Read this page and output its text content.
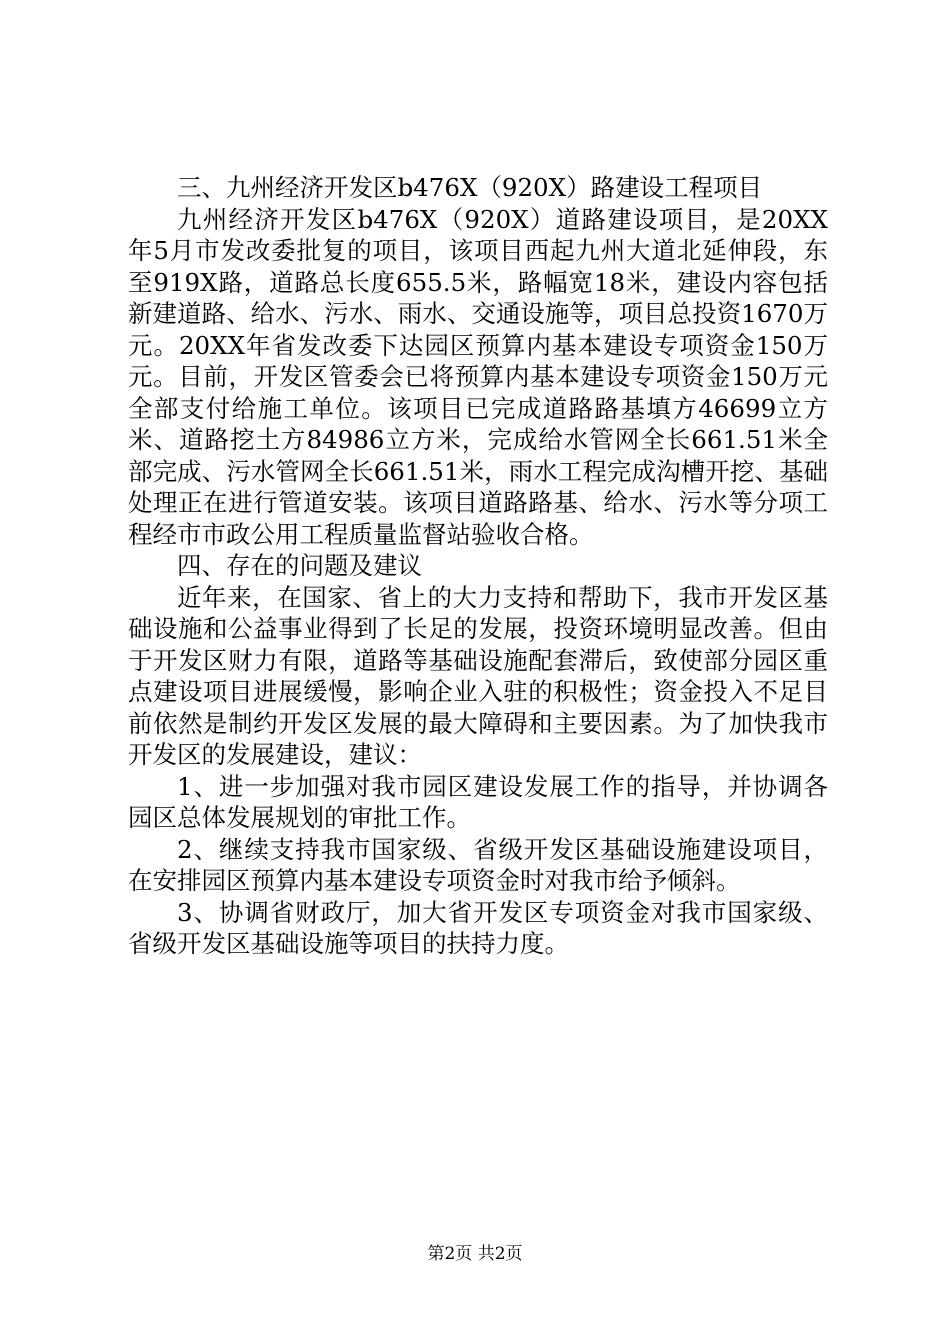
三、九州经济开发区b476X（920X）路建设工程项目

九州经济开发区b476X（920X）道路建设项目，是20XX年5月市发改委批复的项目，该项目西起九州大道北延伸段，东至919X路，道路总长度655.5米，路幅宽18米，建设内容包括新建道路、给水、污水、雨水、交通设施等，项目总投资1670万元。20XX年省发改委下达园区预算内基本建设专项资金150万元。目前，开发区管委会已将预算内基本建设专项资金150万元全部支付给施工单位。该项目已完成道路路基填方46699立方米、道路挖土方84986立方米，完成给水管网全长661.51米全部完成、污水管网全长661.51米，雨水工程完成沟槽开挖、基础处理正在进行管道安装。该项目道路路基、给水、污水等分项工程经市市政公用工程质量监督站验收合格。

四、存在的问题及建议

近年来，在国家、省上的大力支持和帮助下，我市开发区基础设施和公益事业得到了长足的发展，投资环境明显改善。但由于开发区财力有限，道路等基础设施配套滞后，致使部分园区重点建设项目进展缓慢，影响企业入驻的积极性；资金投入不足目前依然是制约开发区发展的最大障碍和主要因素。为了加快我市开发区的发展建设，建议：

1、进一步加强对我市园区建设发展工作的指导，并协调各园区总体发展规划的审批工作。

2、继续支持我市国家级、省级开发区基础设施建设项目，在安排园区预算内基本建设专项资金时对我市给予倾斜。

3、协调省财政厅，加大省开发区专项资金对我市国家级、省级开发区基础设施等项目的扶持力度。

第2页 共2页
